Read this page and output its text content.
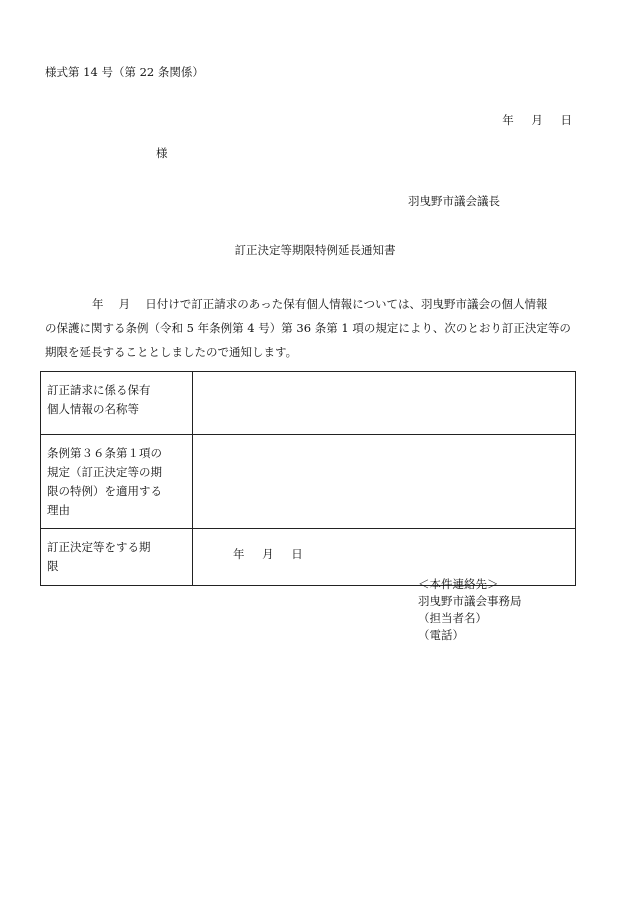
様式第 14 号（第 22 条関係）
年 月 日
様
羽曳野市議会議長
訂正決定等期限特例延長通知書
年　 月　 日付けで訂正請求のあった保有個人情報については、羽曳野市議会の個人情報
の保護に関する条例（令和 5 年条例第 4 号）第 36 条第 1 項の規定により、次のとおり訂正決定等の
期限を延長することとしましたので通知します。
訂正請求に係る保有
個人情報の名称等	

条例第３６条第１項の
規定（訂正決定等の期
限の特例）を適用する
理由	

訂正決定等をする期
限	年 月 日
＜本件連絡先＞
羽曳野市議会事務局
（担当者名）
（電話）
